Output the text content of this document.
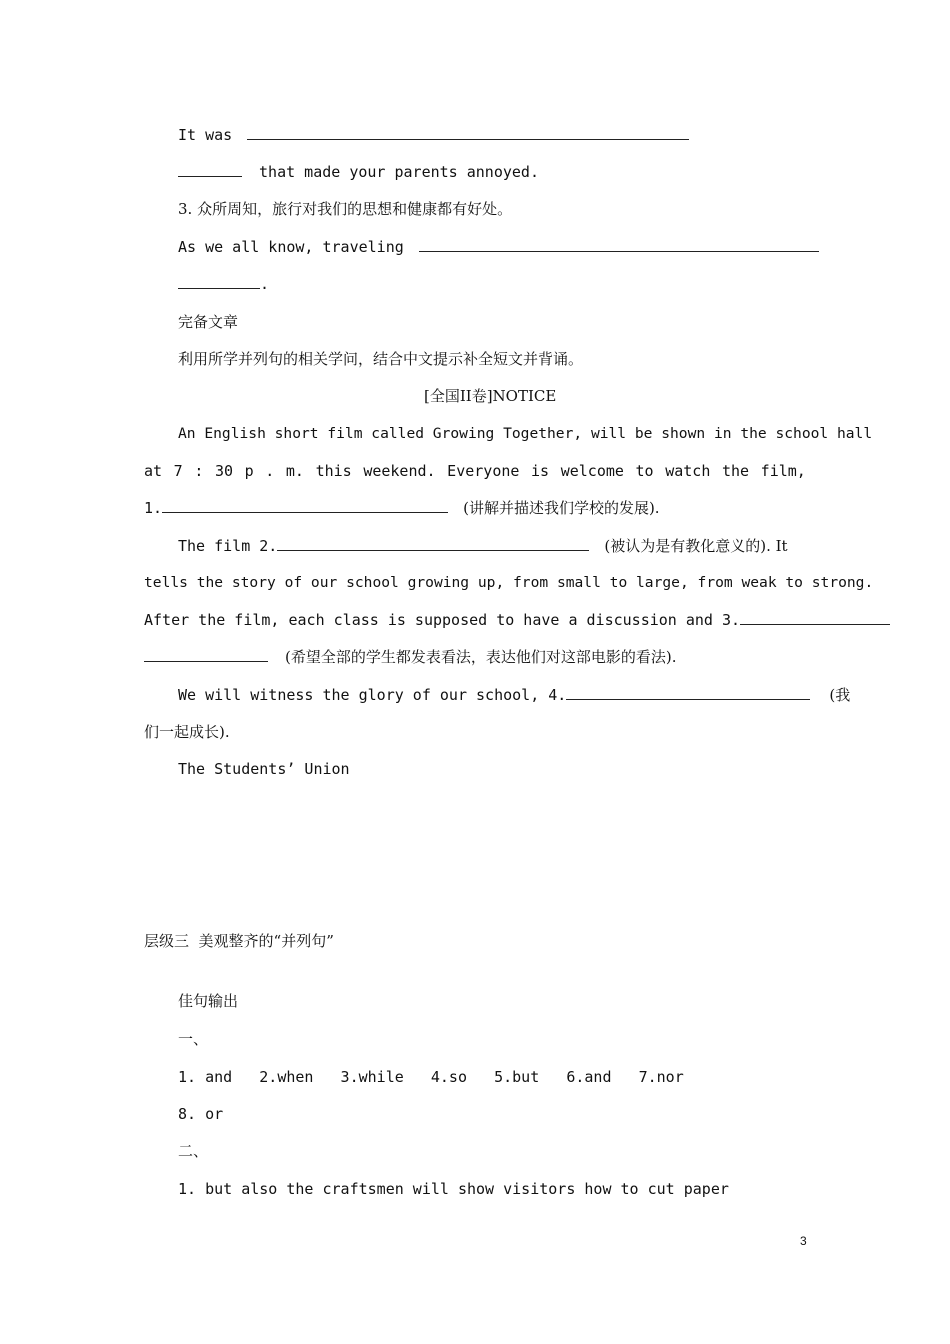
It was
that made your parents annoyed.
3. 众所周知，旅行对我们的思想和健康都有好处。
As we all know, traveling
.
完备文章
利用所学并列句的相关学问，结合中文提示补全短文并背诵。
[全国II卷]NOTICE
An English short film called Growing Together, will be shown in the school hall
at 7 : 30 p . m. this weekend. Everyone is welcome to watch the film,
1.	(讲解并描述我们学校的发展).
The film 2.	(被认为是有教化意义的). It
tells the story of our school growing up, from small to large, from weak to strong.
After the film, each class is supposed to have a discussion and 3.
(希望全部的学生都发表看法，表达他们对这部电影的看法).
We will witness the glory of our school, 4.	(我
们一起成长).
The Students’ Union
层级三  美观整齐的“并列句”
佳句输出
一、
1. and   2.when   3.while   4.so   5.but   6.and   7.nor
8. or
二、
1. but also the craftsmen will show visitors how to cut paper
3
